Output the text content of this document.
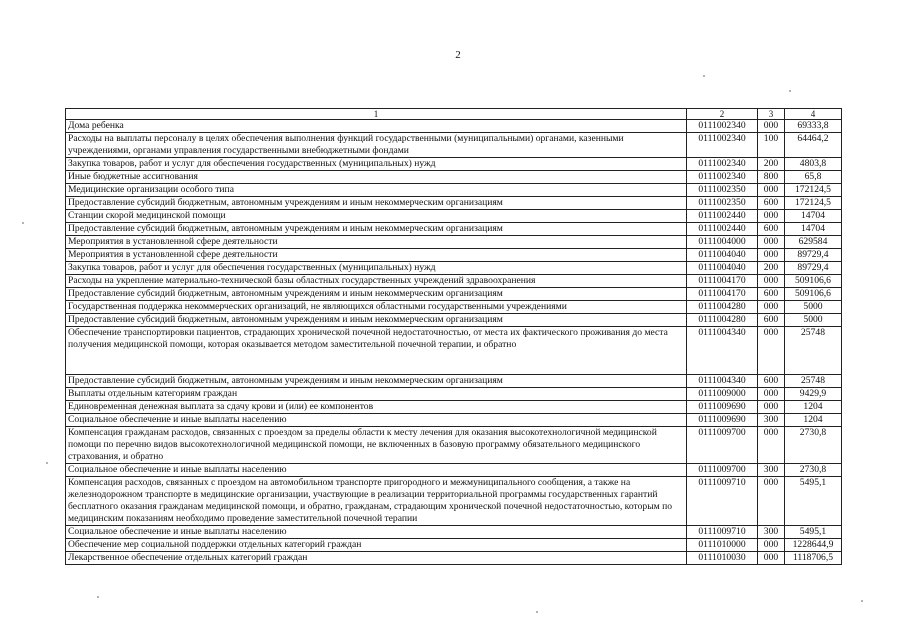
2
1	2	3	4
Дома ребенка	0111002340	000	69333,8
Расходы на выплаты персоналу в целях обеспечения выполнения функций государственными (муниципальными) органами, казенными учреждениями, органами управления государственными внебюджетными фондами	0111002340	100	64464,2
Закупка товаров, работ и услуг для обеспечения государственных (муниципальных) нужд	0111002340	200	4803,8
Иные бюджетные ассигнования	0111002340	800	65,8
Медицинские организации особого типа	0111002350	000	172124,5
Предоставление субсидий бюджетным, автономным учреждениям и иным некоммерческим организациям	0111002350	600	172124,5
Станции скорой медицинской помощи	0111002440	000	14704
Предоставление субсидий бюджетным, автономным учреждениям и иным некоммерческим организациям	0111002440	600	14704
Мероприятия в установленной сфере деятельности	0111004000	000	629584
Мероприятия в установленной сфере деятельности	0111004040	000	89729,4
Закупка товаров, работ и услуг для обеспечения государственных (муниципальных) нужд	0111004040	200	89729,4
Расходы на укрепление материально-технической базы областных государственных учреждений здравоохранения	0111004170	000	509106,6
Предоставление субсидий бюджетным, автономным учреждениям и иным некоммерческим организациям	0111004170	600	509106,6
Государственная поддержка некоммерческих организаций, не являющихся областными государственными учреждениями	0111004280	000	5000
Предоставление субсидий бюджетным, автономным учреждениям и иным некоммерческим организациям	0111004280	600	5000
Обеспечение транспортировки пациентов, страдающих хронической почечной недостаточностью, от места их фактического проживания до места получения медицинской помощи, которая оказывается методом заместительной почечной терапии, и обратно	0111004340	000	25748
Предоставление субсидий бюджетным, автономным учреждениям и иным некоммерческим организациям	0111004340	600	25748
Выплаты отдельным категориям граждан	0111009000	000	9429,9
Единовременная денежная выплата за сдачу крови и (или) ее компонентов	0111009690	000	1204
Социальное обеспечение и иные выплаты населению	0111009690	300	1204
Компенсация гражданам расходов, связанных с проездом за пределы области к месту лечения для оказания высокотехнологичной медицинской помощи по перечню видов высокотехнологичной медицинской помощи, не включенных в базовую программу обязательного медицинского страхования, и обратно	0111009700	000	2730,8
Социальное обеспечение и иные выплаты населению	0111009700	300	2730,8
Компенсация расходов, связанных с проездом на автомобильном транспорте пригородного и межмуниципального сообщения, а также на железнодорожном транспорте в медицинские организации, участвующие в реализации территориальной программы государственных гарантий бесплатного оказания гражданам медицинской помощи, и обратно, гражданам, страдающим хронической почечной недостаточностью, которым по медицинским показаниям необходимо проведение заместительной почечной терапии	0111009710	000	5495,1
Социальное обеспечение и иные выплаты населению	0111009710	300	5495,1
Обеспечение мер социальной поддержки отдельных категорий граждан	0111010000	000	1228644,9
Лекарственное обеспечение отдельных категорий граждан	0111010030	000	1118706,5
